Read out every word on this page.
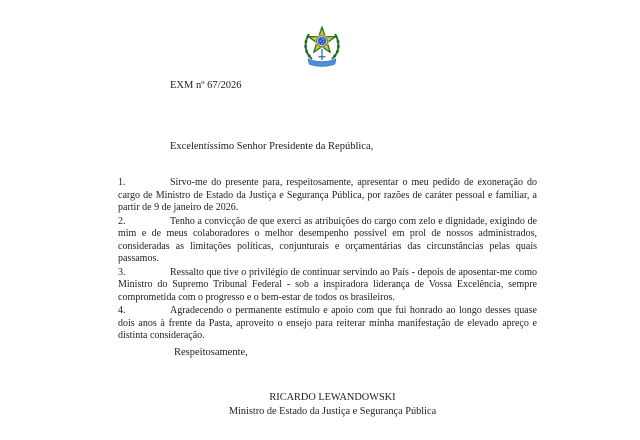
EXM nº 67/2026
Excelentíssimo Senhor Presidente da República,

1.	Sirvo-me do presente para, respeitosamente, apresentar o meu pedido de exoneração do cargo de Ministro de Estado da Justiça e Segurança Pública, por razões de caráter pessoal e familiar, a partir de 9 de janeiro de 2026.

2.	Tenho a convicção de que exerci as atribuições do cargo com zelo e dignidade, exigindo de mim e de meus colaboradores o melhor desempenho possível em prol de nossos administrados, consideradas as limitações políticas, conjunturais e orçamentárias das circunstâncias pelas quais passamos.

3.	Ressalto que tive o privilégio de continuar servindo ao País - depois de aposentar-me como Ministro do Supremo Tribunal Federal - sob a inspiradora liderança de Vossa Excelência, sempre comprometida com o progresso e o bem-estar de todos os brasileiros.

4.	Agradecendo o permanente estímulo e apoio com que fui honrado ao longo desses quase dois anos à frente da Pasta, aproveito o ensejo para reiterar minha manifestação de elevado apreço e distinta consideração.

Respeitosamente,
RICARDO LEWANDOWSKI
Ministro de Estado da Justiça e Segurança Pública
